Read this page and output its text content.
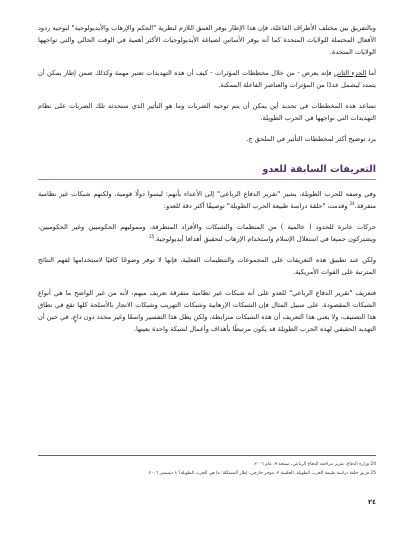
وبالتفريق بين مختلف الأطراف الفاعلة، فإن هذا الإطار يوفر العمق اللازم لنظرية "الحكم والإرهاب والأيديولوجية" لتوجيه ردود الأفعال المحتملة للولايات المتحدة كما أنه يوفر الأساس لصياغة الأيديولوجيات الأكثر أهمية في الوقت الحالي والتي تواجهها الولايات المتحدة.

أما الجزء الثاني فإنه يعرض - من خلال مخططات المؤثرات - كيف أن هذه التهديدات تعتبر مهمة وكذلك ضمن إطار يمكن أن يتمدد ليشمل عددًا من المؤثرات والعناصر الفاعلة الممكنة.

تساعد هذه المخططات في تحديد أين يمكن أن يتم توجيه الضربات وما هو التأثير الذي ستحدثه تلك الضربات على نظام التهديدات التي نواجهها في الحرب الطويلة.

يرد توضيح أكثر لمخططات التأثير في الملحق ج.

التعريفات السابقة للعدو

وفي وصفه للحرب الطويلة، يشير "تقرير الدفاع الرباعي" إلى الأعداء بأنهم: ليسوا دولًا قومية، ولكنهم شبكات غير نظامية متفرقة.$^{24}$ وقدمت "حلقة دراسة طبيعة الحرب الطويلة" توصيفًا أكثر دقة للعدو:

حركات عابرة للحدود ( عالمية ) من المنظمات والشبكات والأفراد المتطرفة، ومموليهم الحكوميين وغير الحكوميين، ويشتركون جميعا في استغلال الإسلام واستخدام الإرهاب لتحقيق أهدافا أيديولوجية.$^{25}$

ولكن عند تطبيق هذه التعريفات على المجموعات والتنظيمات الفعلية، فإنها لا توفر وضوحًا كافيًا لاستخدامها لفهم النتائج المترتبة على القوات الأمريكية.

فتعريف "تقرير الدفاع الرباعي" للعدو على أنه شبكات غير نظامية متفرقة تعريف مبهم، لأنه من غير الواضح ما هي أنواع الشبكات المقصودة. على سبيل المثال فإن الشبكات الإرهابية وشبكات التهريب وشبكات الاتجار بالأسلحة كلها تقع في نطاق هذا التصنيف، ولا يعني هذا التعريف أن هذه الشبكات مترابطة، ولكن يظل هذا التفسير واسعًا وغير محدد دون داعٍ، في حين أن التهديد الحقيقي لهذه الحرب الطويلة قد يكون مرتبطًا بأهداف وأعمال لشبكة واحدة بعينها.

24 وزارة الدفاع، تقرير مراجعة الدفاع الرباعي، صفحة ٩، عام ٢٠٠٦.

25 فريق حلقة دراسة طبيعة الحرب الطويلة، الجلسة ٣، موجز خارجي، إطار المشكلة: ما هي الحرب الطويلة؟ ٨ ديسمبر ٢٠٠٦.

٢٤
